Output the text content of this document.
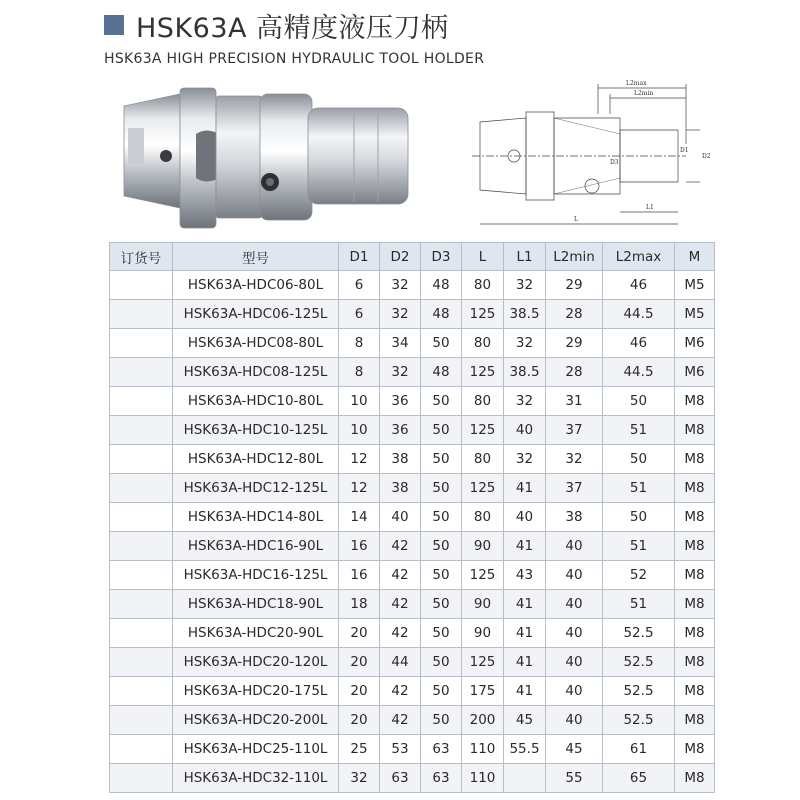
HSK63A 高精度液压刀柄
HSK63A HIGH PRECISION HYDRAULIC TOOL HOLDER
L2max
L2min
L
L1
D1
D2
D3
订货号	型号	D1	D2	D3	L	L1	L2min	L2max	M
	HSK63A-HDC06-80L	6	32	48	80	32	29	46	M5
	HSK63A-HDC06-125L	6	32	48	125	38.5	28	44.5	M5
	HSK63A-HDC08-80L	8	34	50	80	32	29	46	M6
	HSK63A-HDC08-125L	8	32	48	125	38.5	28	44.5	M6
	HSK63A-HDC10-80L	10	36	50	80	32	31	50	M8
	HSK63A-HDC10-125L	10	36	50	125	40	37	51	M8
	HSK63A-HDC12-80L	12	38	50	80	32	32	50	M8
	HSK63A-HDC12-125L	12	38	50	125	41	37	51	M8
	HSK63A-HDC14-80L	14	40	50	80	40	38	50	M8
	HSK63A-HDC16-90L	16	42	50	90	41	40	51	M8
	HSK63A-HDC16-125L	16	42	50	125	43	40	52	M8
	HSK63A-HDC18-90L	18	42	50	90	41	40	51	M8
	HSK63A-HDC20-90L	20	42	50	90	41	40	52.5	M8
	HSK63A-HDC20-120L	20	44	50	125	41	40	52.5	M8
	HSK63A-HDC20-175L	20	42	50	175	41	40	52.5	M8
	HSK63A-HDC20-200L	20	42	50	200	45	40	52.5	M8
	HSK63A-HDC25-110L	25	53	63	110	55.5	45	61	M8
	HSK63A-HDC32-110L	32	63	63	110		55	65	M8
